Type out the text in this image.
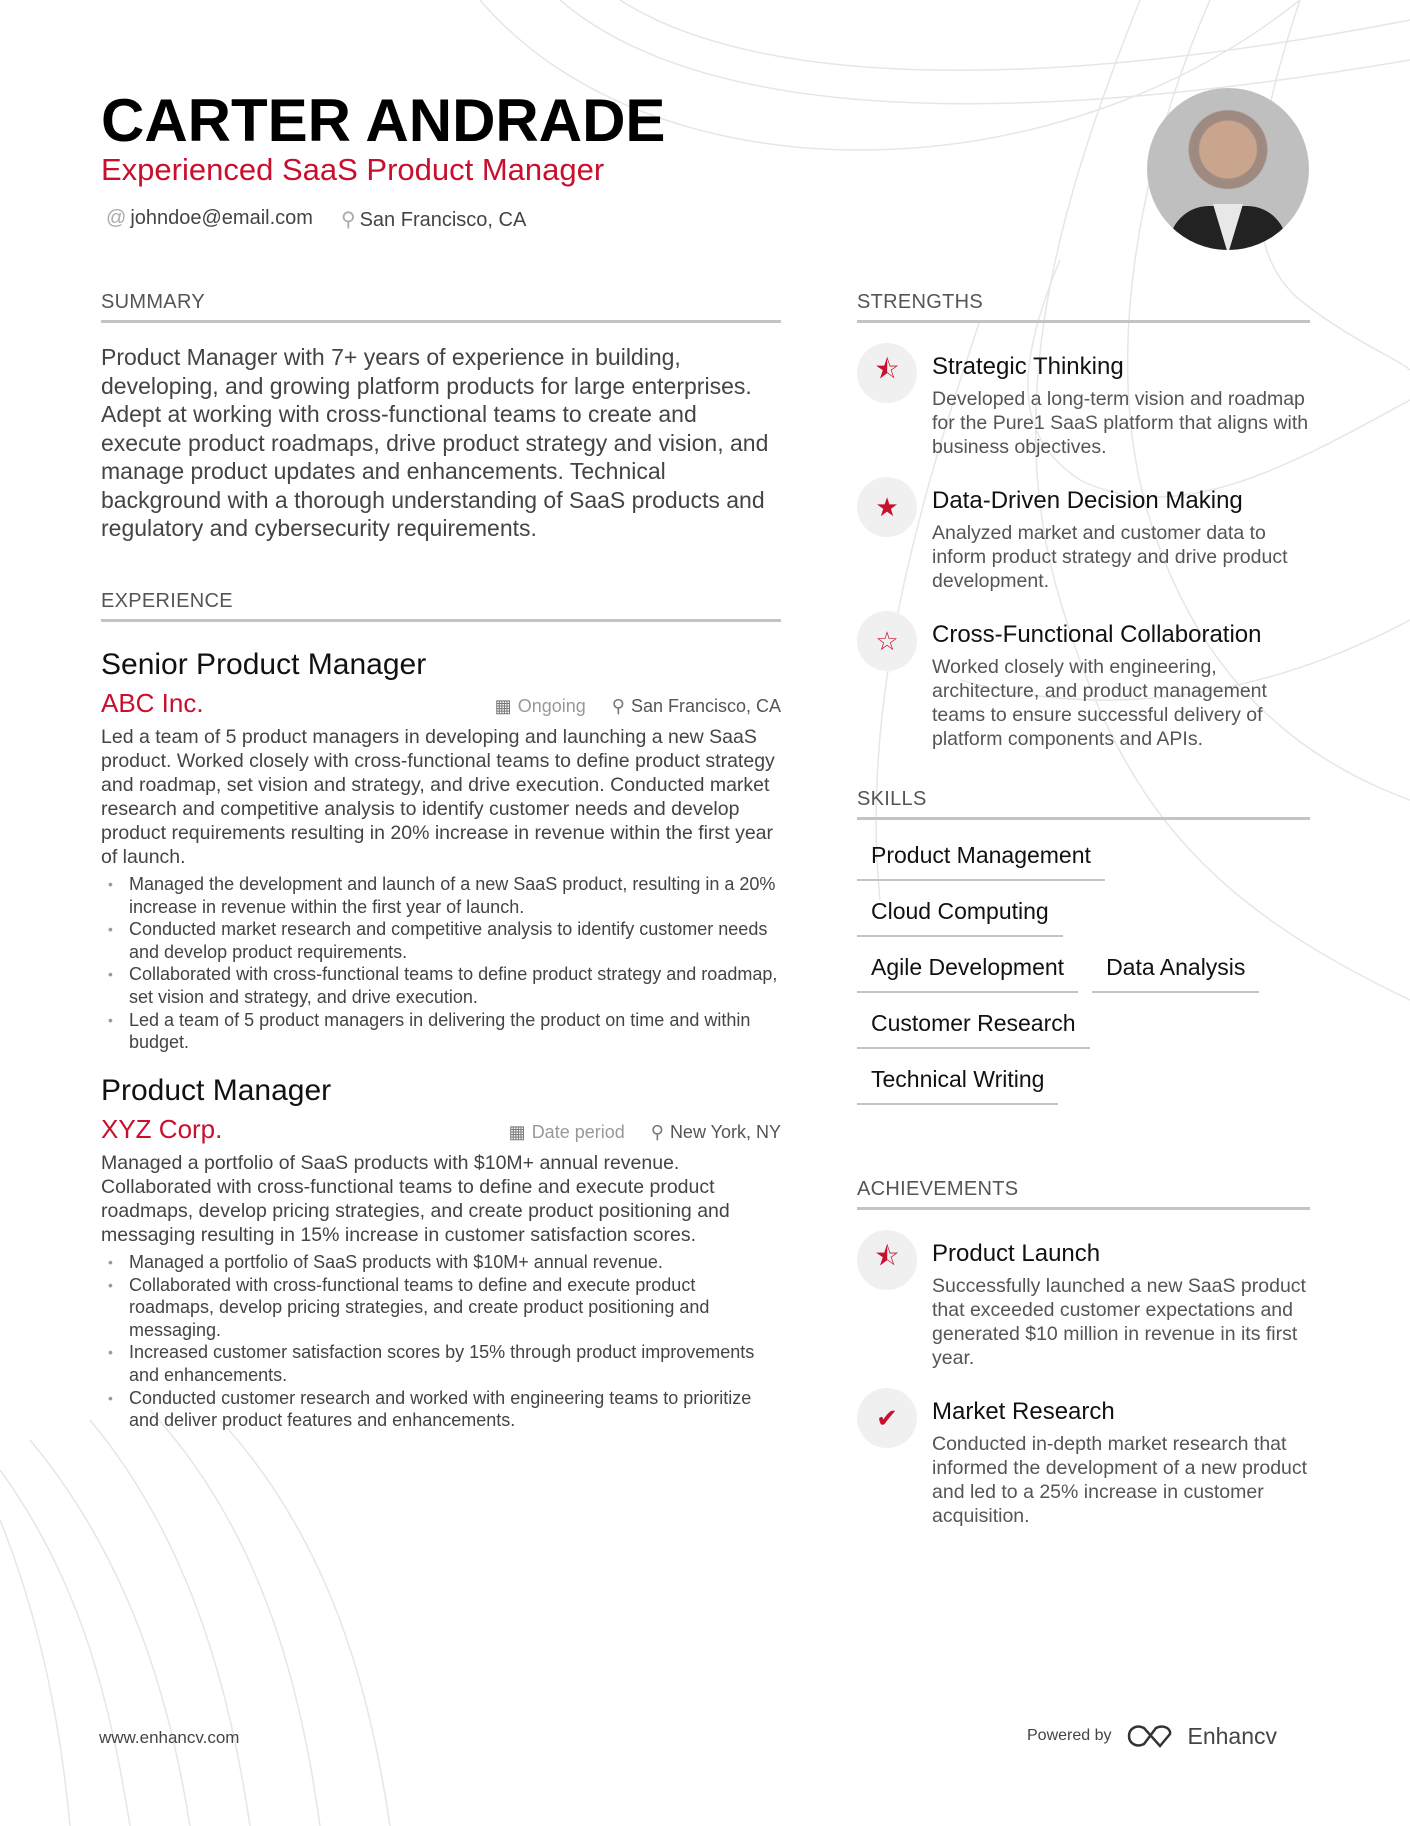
CARTER ANDRADE
Experienced SaaS Product Manager
@ johndoe@email.com ⚲ San Francisco, CA
SUMMARY
Product Manager with 7+ years of experience in building, developing, and growing platform products for large enterprises. Adept at working with cross-functional teams to create and execute product roadmaps, drive product strategy and vision, and manage product updates and enhancements. Technical background with a thorough understanding of SaaS products and regulatory and cybersecurity requirements.
EXPERIENCE
Senior Product Manager
ABC Inc.	▦ Ongoing ⚲ San Francisco, CA
Led a team of 5 product managers in developing and launching a new SaaS product. Worked closely with cross-functional teams to define product strategy and roadmap, set vision and strategy, and drive execution. Conducted market research and competitive analysis to identify customer needs and develop product requirements resulting in 20% increase in revenue within the first year of launch.
• Managed the development and launch of a new SaaS product, resulting in a 20% increase in revenue within the first year of launch.
• Conducted market research and competitive analysis to identify customer needs and develop product requirements.
• Collaborated with cross-functional teams to define product strategy and roadmap, set vision and strategy, and drive execution.
• Led a team of 5 product managers in delivering the product on time and within budget.
Product Manager
XYZ Corp.	▦ Date period ⚲ New York, NY
Managed a portfolio of SaaS products with $10M+ annual revenue. Collaborated with cross-functional teams to define and execute product roadmaps, develop pricing strategies, and create product positioning and messaging resulting in 15% increase in customer satisfaction scores.
• Managed a portfolio of SaaS products with $10M+ annual revenue.
• Collaborated with cross-functional teams to define and execute product roadmaps, develop pricing strategies, and create product positioning and messaging.
• Increased customer satisfaction scores by 15% through product improvements and enhancements.
• Conducted customer research and worked with engineering teams to prioritize and deliver product features and enhancements.
STRENGTHS
⯪	Strategic Thinking
Developed a long-term vision and roadmap for the Pure1 SaaS platform that aligns with business objectives.
★	Data-Driven Decision Making
Analyzed market and customer data to inform product strategy and drive product development.
☆	Cross-Functional Collaboration
Worked closely with engineering, architecture, and product management teams to ensure successful delivery of platform components and APIs.
SKILLS
Product Management
Cloud Computing
Agile Development	Data Analysis
Customer Research
Technical Writing
ACHIEVEMENTS
⯪	Product Launch
Successfully launched a new SaaS product that exceeded customer expectations and generated $10 million in revenue in its first year.
✔	Market Research
Conducted in-depth market research that informed the development of a new product and led to a 25% increase in customer acquisition.
www.enhancv.com	Powered by	Enhancv
